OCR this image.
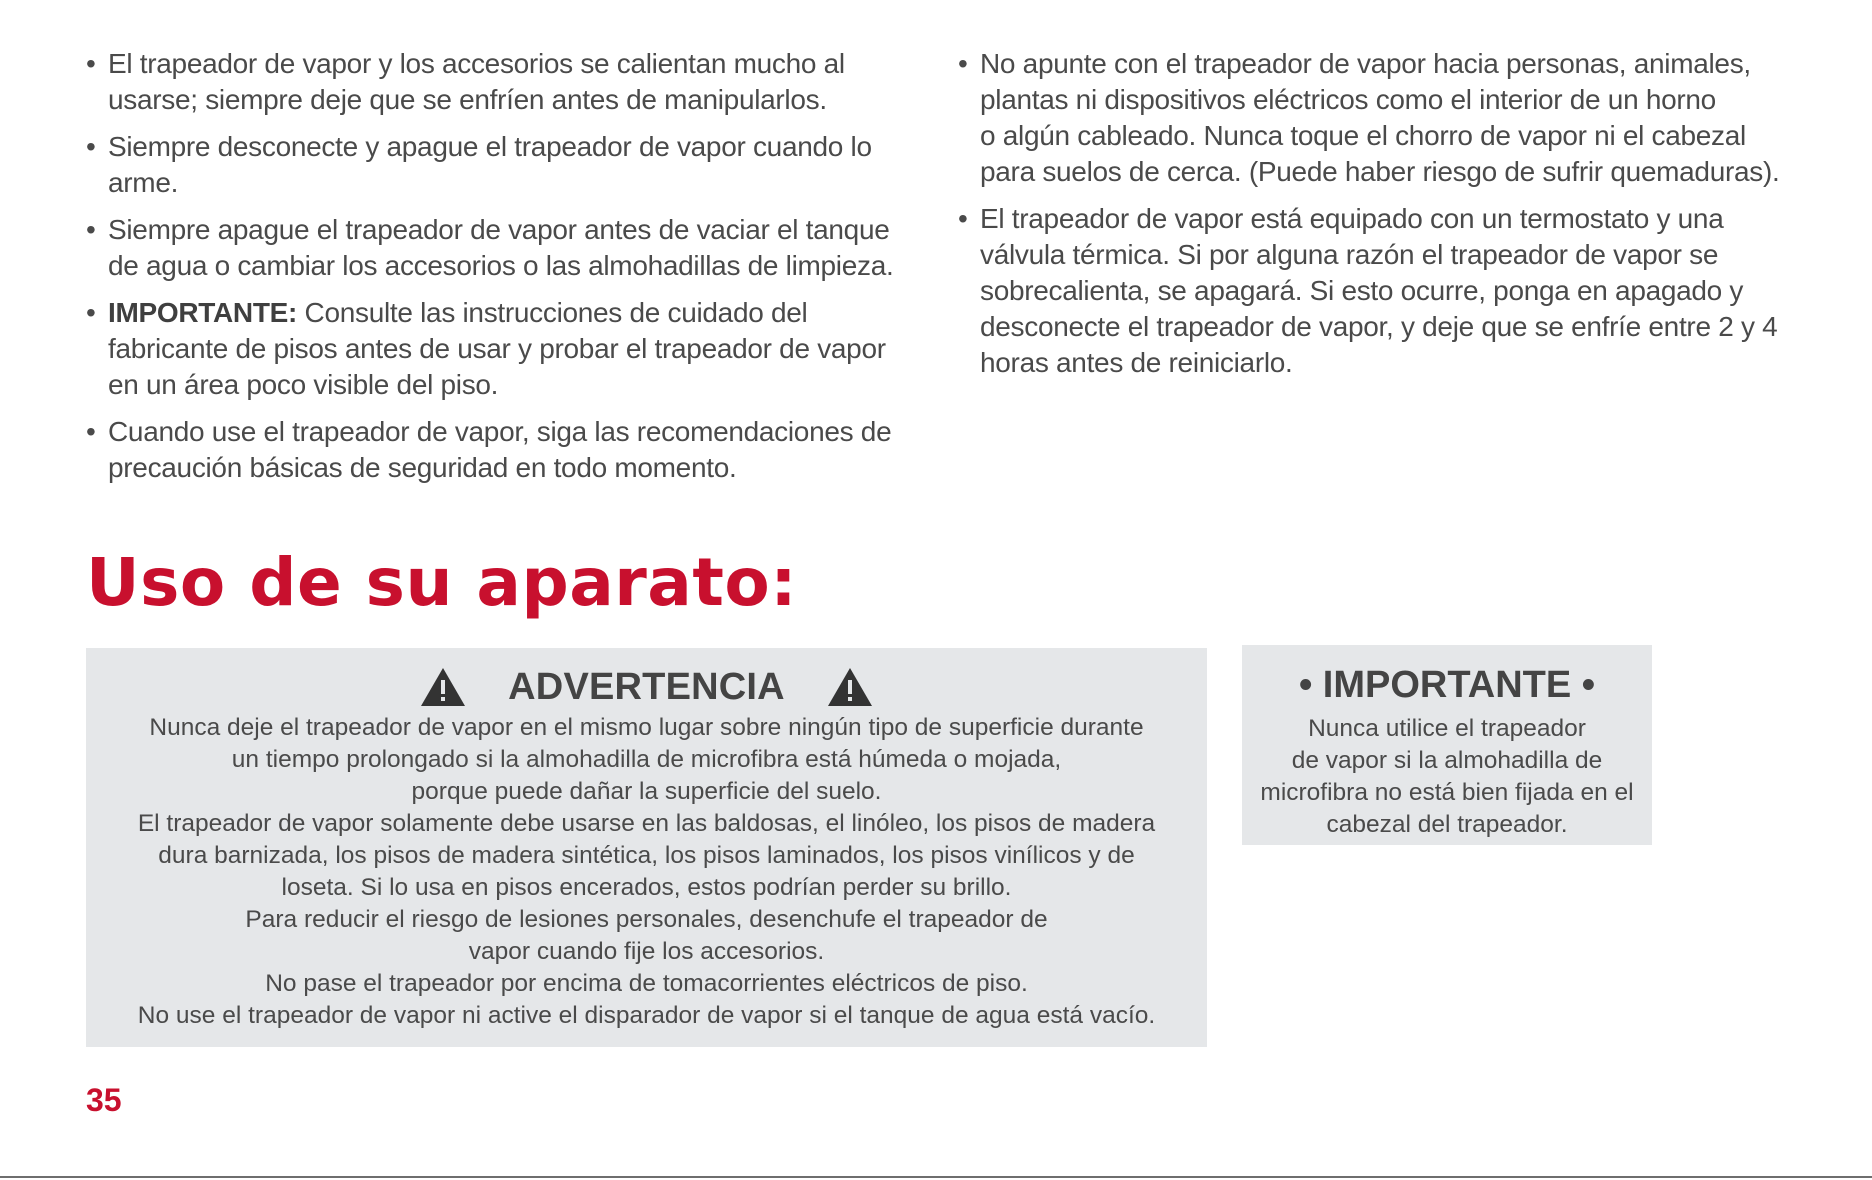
• El trapeador de vapor y los accesorios se calientan mucho al
usarse; siempre deje que se enfríen antes de manipularlos.
• Siempre desconecte y apague el trapeador de vapor cuando lo
arme.
• Siempre apague el trapeador de vapor antes de vaciar el tanque
de agua o cambiar los accesorios o las almohadillas de limpieza.
• IMPORTANTE: Consulte las instrucciones de cuidado del
fabricante de pisos antes de usar y probar el trapeador de vapor
en un área poco visible del piso.
• Cuando use el trapeador de vapor, siga las recomendaciones de
precaución básicas de seguridad en todo momento.
• No apunte con el trapeador de vapor hacia personas, animales,
plantas ni dispositivos eléctricos como el interior de un horno
o algún cableado. Nunca toque el chorro de vapor ni el cabezal
para suelos de cerca. (Puede haber riesgo de sufrir quemaduras).
• El trapeador de vapor está equipado con un termostato y una
válvula térmica. Si por alguna razón el trapeador de vapor se
sobrecalienta, se apagará. Si esto ocurre, ponga en apagado y
desconecte el trapeador de vapor, y deje que se enfríe entre 2 y 4
horas antes de reiniciarlo.
Uso de su aparato:
ADVERTENCIA
Nunca deje el trapeador de vapor en el mismo lugar sobre ningún tipo de superficie durante
un tiempo prolongado si la almohadilla de microfibra está húmeda o mojada,
porque puede dañar la superficie del suelo.
El trapeador de vapor solamente debe usarse en las baldosas, el linóleo, los pisos de madera
dura barnizada, los pisos de madera sintética, los pisos laminados, los pisos vinílicos y de
loseta. Si lo usa en pisos encerados, estos podrían perder su brillo.
Para reducir el riesgo de lesiones personales, desenchufe el trapeador de
vapor cuando fije los accesorios.
No pase el trapeador por encima de tomacorrientes eléctricos de piso.
No use el trapeador de vapor ni active el disparador de vapor si el tanque de agua está vacío.
• IMPORTANTE •
Nunca utilice el trapeador
de vapor si la almohadilla de
microfibra no está bien fijada en el
cabezal del trapeador.
35
